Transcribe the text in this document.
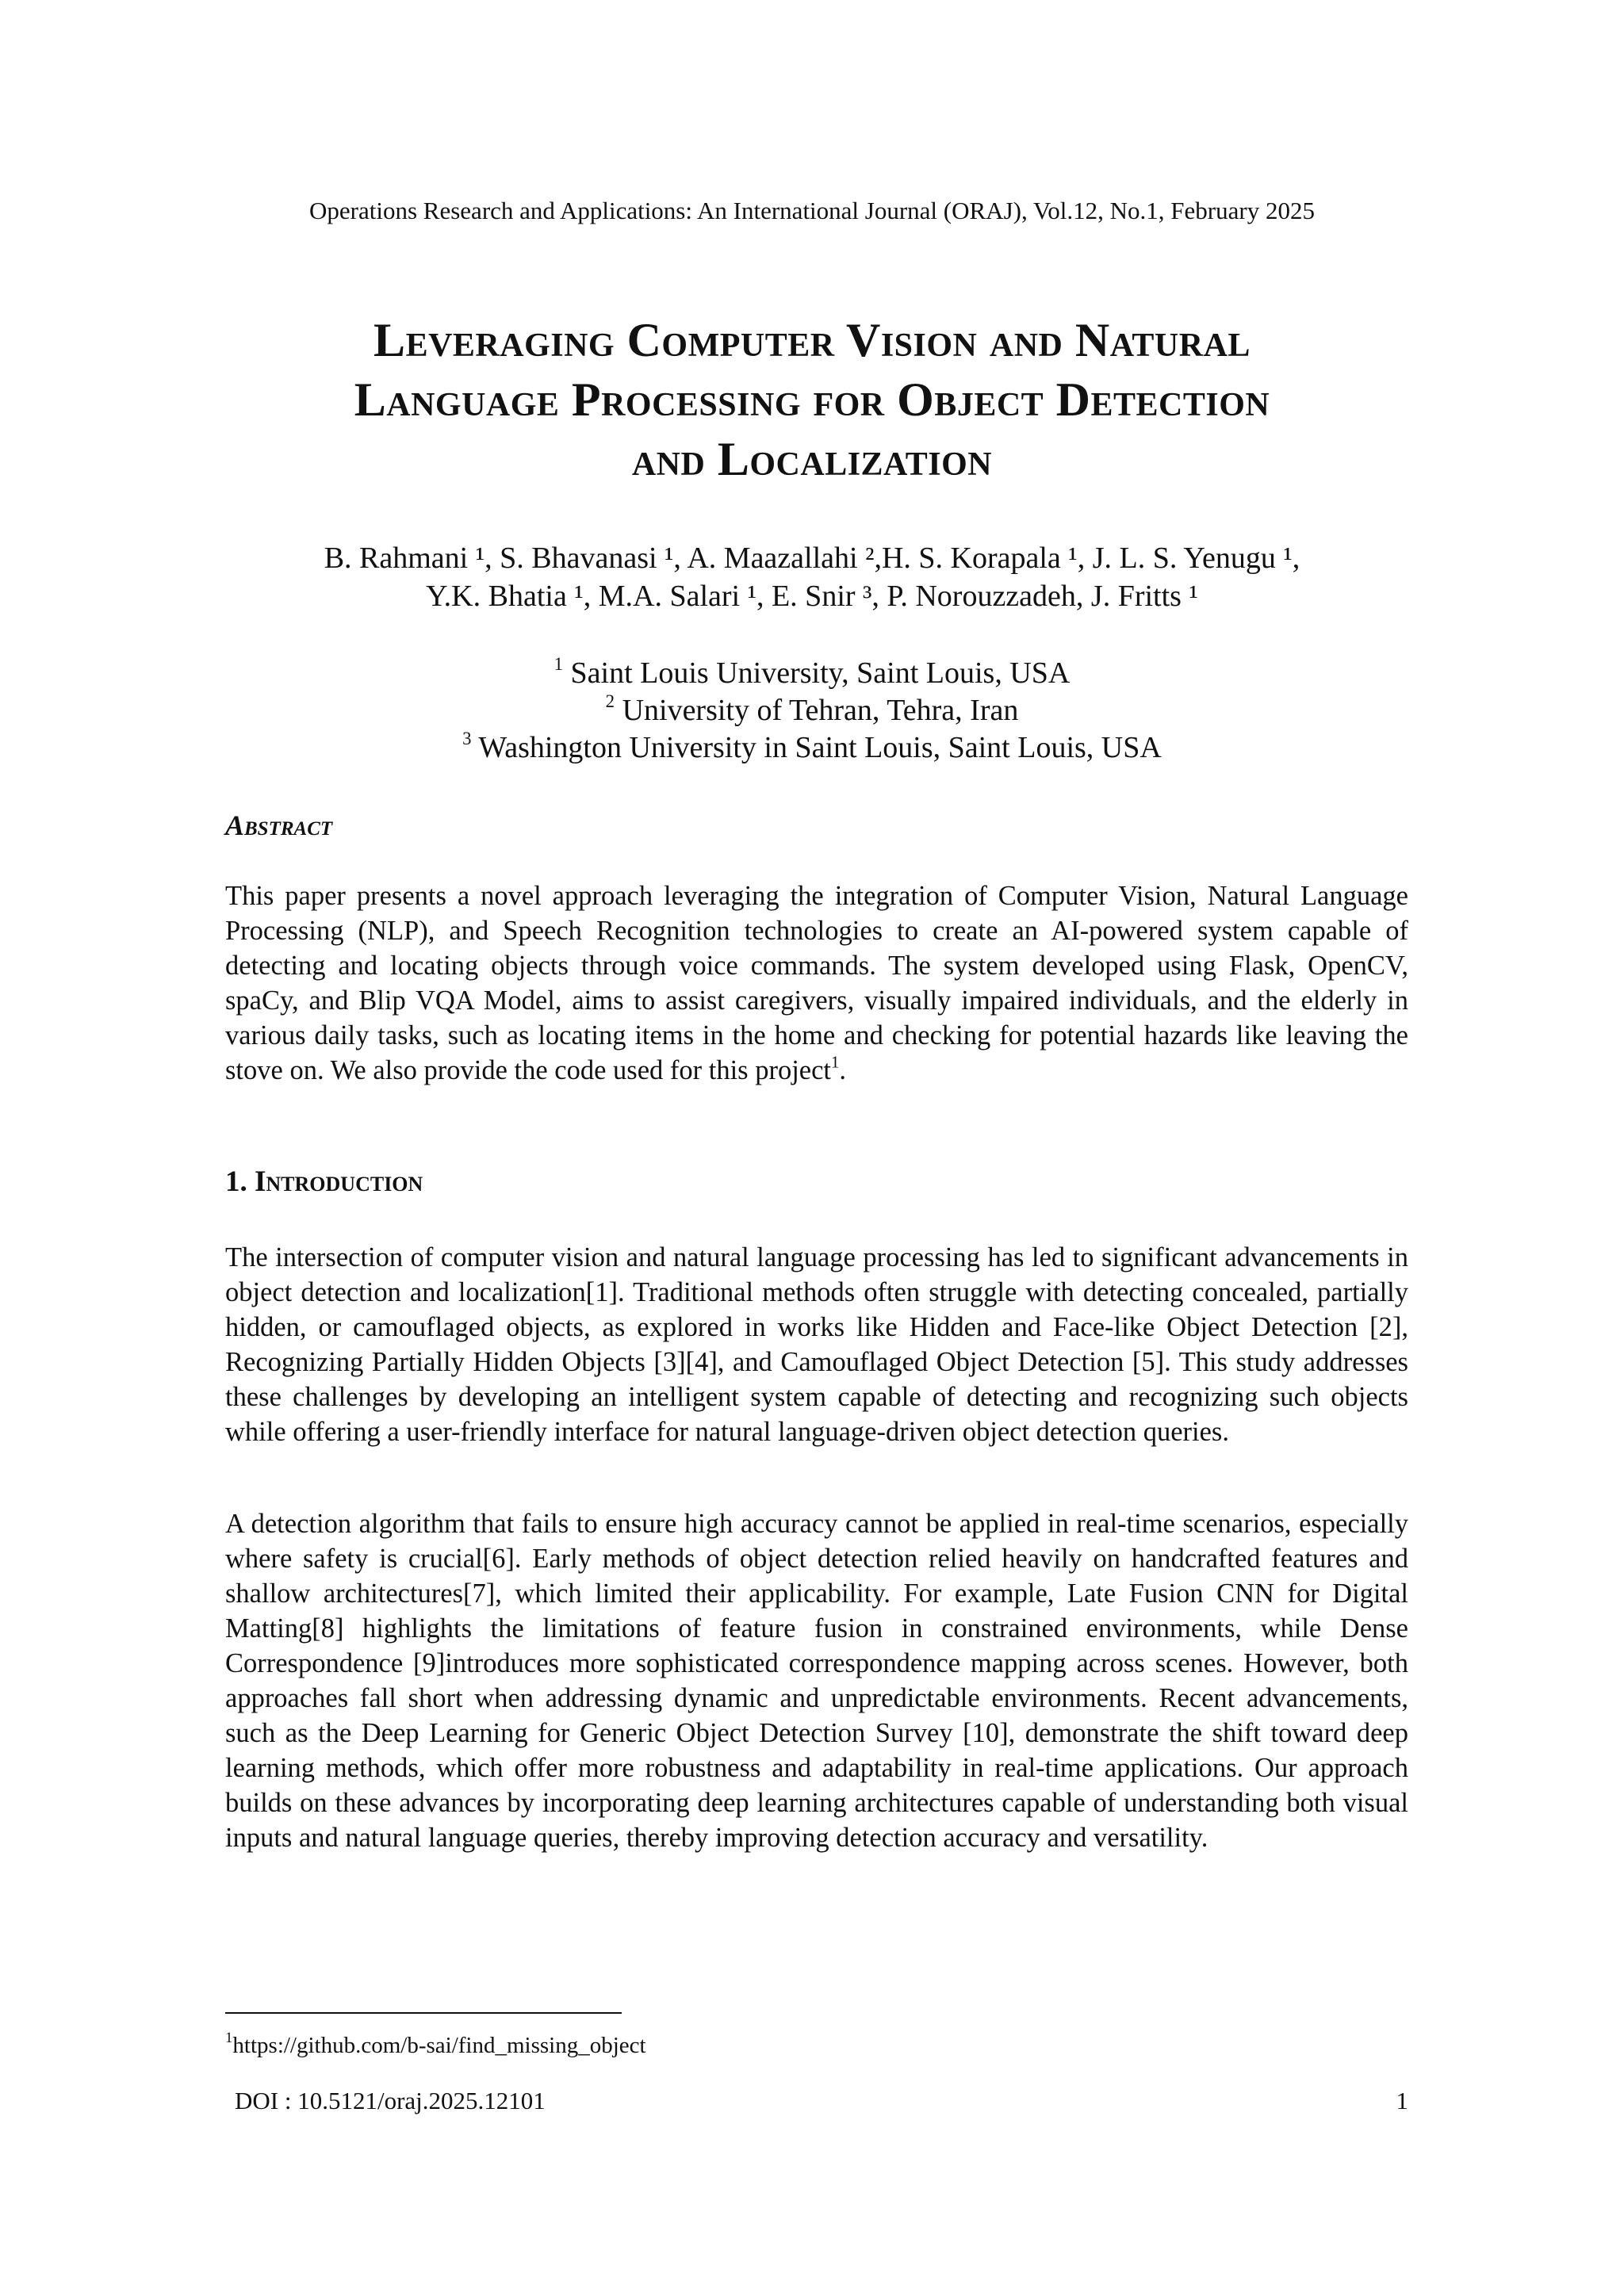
Operations Research and Applications: An International Journal (ORAJ), Vol.12, No.1, February 2025
Leveraging Computer Vision and Natural
Language Processing for Object Detection
and Localization
B. Rahmani ¹, S. Bhavanasi ¹, A. Maazallahi ²,H. S. Korapala ¹, J. L. S. Yenugu ¹,
Y.K. Bhatia ¹, M.A. Salari ¹, E. Snir ³, P. Norouzzadeh, J. Fritts ¹
$^1$ Saint Louis University, Saint Louis, USA
$^2$ University of Tehran, Tehra, Iran
$^3$ Washington University in Saint Louis, Saint Louis, USA
Abstract

This paper presents a novel approach leveraging the integration of Computer Vision, Natural Language Processing (NLP), and Speech Recognition technologies to create an AI-powered system capable of detecting and locating objects through voice commands. The system developed using Flask, OpenCV, spaCy, and Blip VQA Model, aims to assist caregivers, visually impaired individuals, and the elderly in various daily tasks, such as locating items in the home and checking for potential hazards like leaving the stove on. We also provide the code used for this project$^1$.

1. Introduction

The intersection of computer vision and natural language processing has led to significant advancements in object detection and localization[1]. Traditional methods often struggle with detecting concealed, partially hidden, or camouflaged objects, as explored in works like Hidden and Face-like Object Detection [2], Recognizing Partially Hidden Objects [3][4], and Camouflaged Object Detection [5]. This study addresses these challenges by developing an intelligent system capable of detecting and recognizing such objects while offering a user-friendly interface for natural language-driven object detection queries.

A detection algorithm that fails to ensure high accuracy cannot be applied in real-time scenarios, especially where safety is crucial[6]. Early methods of object detection relied heavily on handcrafted features and shallow architectures[7], which limited their applicability. For example, Late Fusion CNN for Digital Matting[8] highlights the limitations of feature fusion in constrained environments, while Dense Correspondence [9]introduces more sophisticated correspondence mapping across scenes. However, both approaches fall short when addressing dynamic and unpredictable environments. Recent advancements, such as the Deep Learning for Generic Object Detection Survey [10], demonstrate the shift toward deep learning methods, which offer more robustness and adaptability in real-time applications. Our approach builds on these advances by incorporating deep learning architectures capable of understanding both visual inputs and natural language queries, thereby improving detection accuracy and versatility.

$^1$https://github.com/b-sai/find_missing_object
DOI : 10.5121/oraj.2025.12101	1
